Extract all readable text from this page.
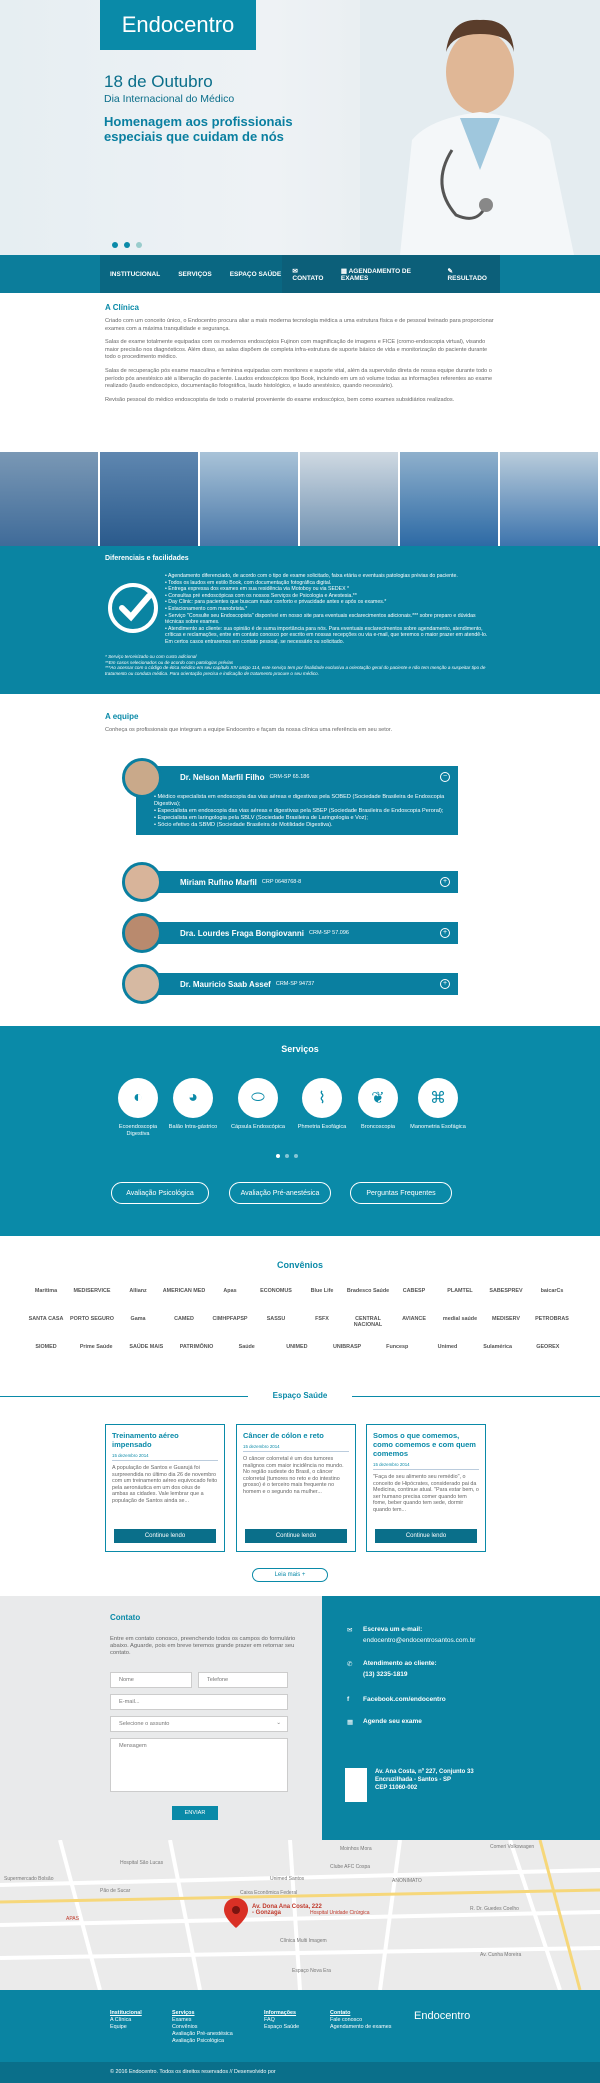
Endocentro
18 de Outubro
Dia Internacional do Médico
Homenagem aos profissionais especiais que cuidam de nós
INSTITUCIONAL	SERVIÇOS	ESPAÇO SAÚDE ✉ CONTATO
▦ AGENDAMENTO DE EXAMES
✎ RESULTADO
A Clínica

Criado com um conceito único, o Endocentro procura aliar a mais moderna tecnologia médica a uma estrutura física e de pessoal treinado para proporcionar exames com a máxima tranquilidade e segurança.

Salas de exame totalmente equipadas com os modernos endoscópios Fujinon com magnificação de imagens e FICE (cromo-endoscopia virtual), visando maior precisão nos diagnósticos. Além disso, as salas dispõem de completa infra-estrutura de suporte básico de vida e monitorização do paciente durante todo o procedimento médico.

Salas de recuperação pós exame masculina e feminina equipadas com monitores e suporte vital, além da supervisão direta de nossa equipe durante todo o período pós anestésico até a liberação do paciente. Laudos endoscópicos tipo Book, incluindo em um só volume todas as informações referentes ao exame realizado (laudo endoscópico, documentação fotográfica, laudo histológico, e laudo anestésico, quando necessário).

Revisão pessoal do médico endoscopista de todo o material proveniente do exame endoscópico, bem como exames subsidiários realizados.

Diferenciais e facilidades
• Agendamento diferenciado, de acordo com o tipo de exame solicitado, faixa etária e eventuais patologias prévias do paciente.
• Todos os laudos em estilo Book, com documentação fotográfica digital.
• Entrega expressa dos exames em sua residência via Motoboy ou via SEDEX *
• Consultas pré endoscópicas com os nossos Serviços de Psicologia e Anestesia.**
• Day Clinic: para pacientes que buscam maior conforto e privacidade antes e após os exames.*
• Estacionamento com manobrista.*
• Serviço "Consulte seu Endoscopista" disponível em nosso site para eventuais esclarecimentos adicionais.*** sobre preparo e dúvidas técnicas sobre exames.
• Atendimento ao cliente: sua opinião é de suma importância para nós. Para eventuais esclarecimentos sobre agendamento, atendimento, críticas e reclamações, entre em contato conosco por escrito em nossas recepções ou via e-mail, que teremos o maior prazer em atendê-lo. Em certos casos entraremos em contato pessoal, se necessário ou solicitado.
* Serviço terceirizado ou com custo adicional
**Em casos selecionados ou de acordo com patologias prévias
***Ao acessar com o código de ética médico em seu capítulo XIV artigo 114, este serviço tem por finalidade exclusiva a orientação geral do paciente e não tem menção a suspeitar tipo de tratamento ou conduta médica. Para orientação precisa e indicação de tratamento procure o seu médico.
A equipe

Conheça os profissionais que integram a equipe Endocentro e façam da nossa clínica uma referência em seu setor.

Dr. Nelson Marfil Filho CRM-SP 65.186	−
• Médico especialista em endoscopia das vias aéreas e digestivas pela SOBED (Sociedade Brasileira de Endoscopia Digestiva);
• Especialista em endoscopia das vias aéreas e digestivas pela SBEP (Sociedade Brasileira de Endoscopia Peroral);
• Especialista em laringologia pela SBLV (Sociedade Brasileira de Laringologia e Voz);
• Sócio efetivo da SBMD (Sociedade Brasileira de Motilidade Digestiva).
Miriam Rufino Marfil CRP 06487​68-8	+
Dra. Lourdes Fraga Bongiovanni CRM-SP 57.096	+
Dr. Mauricio Saab Assef CRM-SP 94737	+
Serviços
◐
Ecoendoscopia Digestiva
◕
Balão Intra-gástrico
⬭
Cápsula Endoscópica
⌇
Phmetria Esofágica
❦
Broncoscopia
⌘
Manometria Esofágica
Avaliação Psicológica	Avaliação Pré-anestésica	Perguntas Frequentes
Convênios
Maritima	MEDISERVICE	Allianz	AMERICAN MED	Apas	ECONOMUS	Blue Life	Bradesco Saúde	CABESP	PLAMTEL	SABESPREV	baicarCs
SANTA CASA	PORTO SEGURO	Gama	CAMED	CIMHPFAPSP	SASSU	FSFX	CENTRAL NACIONAL
AVIANCE	medial saúde	MEDISERV	PETROBRAS
SIOMED	Prime Saúde	SAÚDE MAIS	PATRIMÔNIO	Saúde	UNIMED	UNIBRASP	Funcesp	Unimed	Sulamérica	GEOREX
Espaço Saúde
Treinamento aéreo impensado
15 dezembro 2014

A população de Santos e Guarujá foi surpreendida no último dia 26 de novembro com um treinamento aéreo equivocado feito pela aeronáutica em um dos céus de ambas as cidades. Vale lembrar que a população de Santos ainda se...

Continue lendo
Câncer de cólon e reto
15 dezembro 2014

O câncer colorretal é um dos tumores malignos com maior incidência no mundo. No região sudeste do Brasil, o câncer colorretal (tumores no reto e do intestino grosso) é o terceiro mais frequente no homem e o segundo na mulher...

Continue lendo
Somos o que comemos, como comemos e com quem comemos
15 dezembro 2014

"Faça de seu alimento seu remédio", o conceito de Hipócrates, considerado pai da Medicina, continue atual. "Para estar bem, o ser humano precisa comer quando tem fome, beber quando tem sede, dormir quando tem...

Continue lendo
Leia mais +
Contato
Entre em contato conosco, preenchendo todos os campos do formulário abaixo. Aguarde, pois em breve teremos grande prazer em retornar seu contato.
Nome	Telefone
E-mail...
Selecione o assunto	⌄
Mensagem
ENVIAR
✉ Escreva um e-mail:
endocentro@endocentrosantos.com.br
✆ Atendimento ao cliente:
(13) 3235-1819
f	Facebook.com/endocentro
▦	Agende seu exame
Av. Ana Costa, nº 227, Conjunto 33
Encruzilhada - Santos - SP
CEP 11060-002
Av. Dona Ana Costa, 222 - Gonzaga
Hospital São Lucas
Unimed Santos
Caixa Econômica Federal
Clube AFC Cospa
Clínica Multi Imagem
Hospital Unidade Cirúrgica
Espaço Nova Era
Supermercado Bolsão
Pão de Sucar
Moinhos Mora
ANONIMATO
APAS
Comeri Volkswagen
R. Dr. Guedes Coelho
Av. Cunha Moreira
Institucional
A Clínica
Equipe
Serviços
Exames
Convênios
Avaliação Pré-anestésica
Avaliação Psicológica
Informações
FAQ
Espaço Saúde
Contato
Fale conosco
Agendamento de exames
Endocentro
© 2016 Endocentro. Todos os direitos reservados // Desenvolvido por
